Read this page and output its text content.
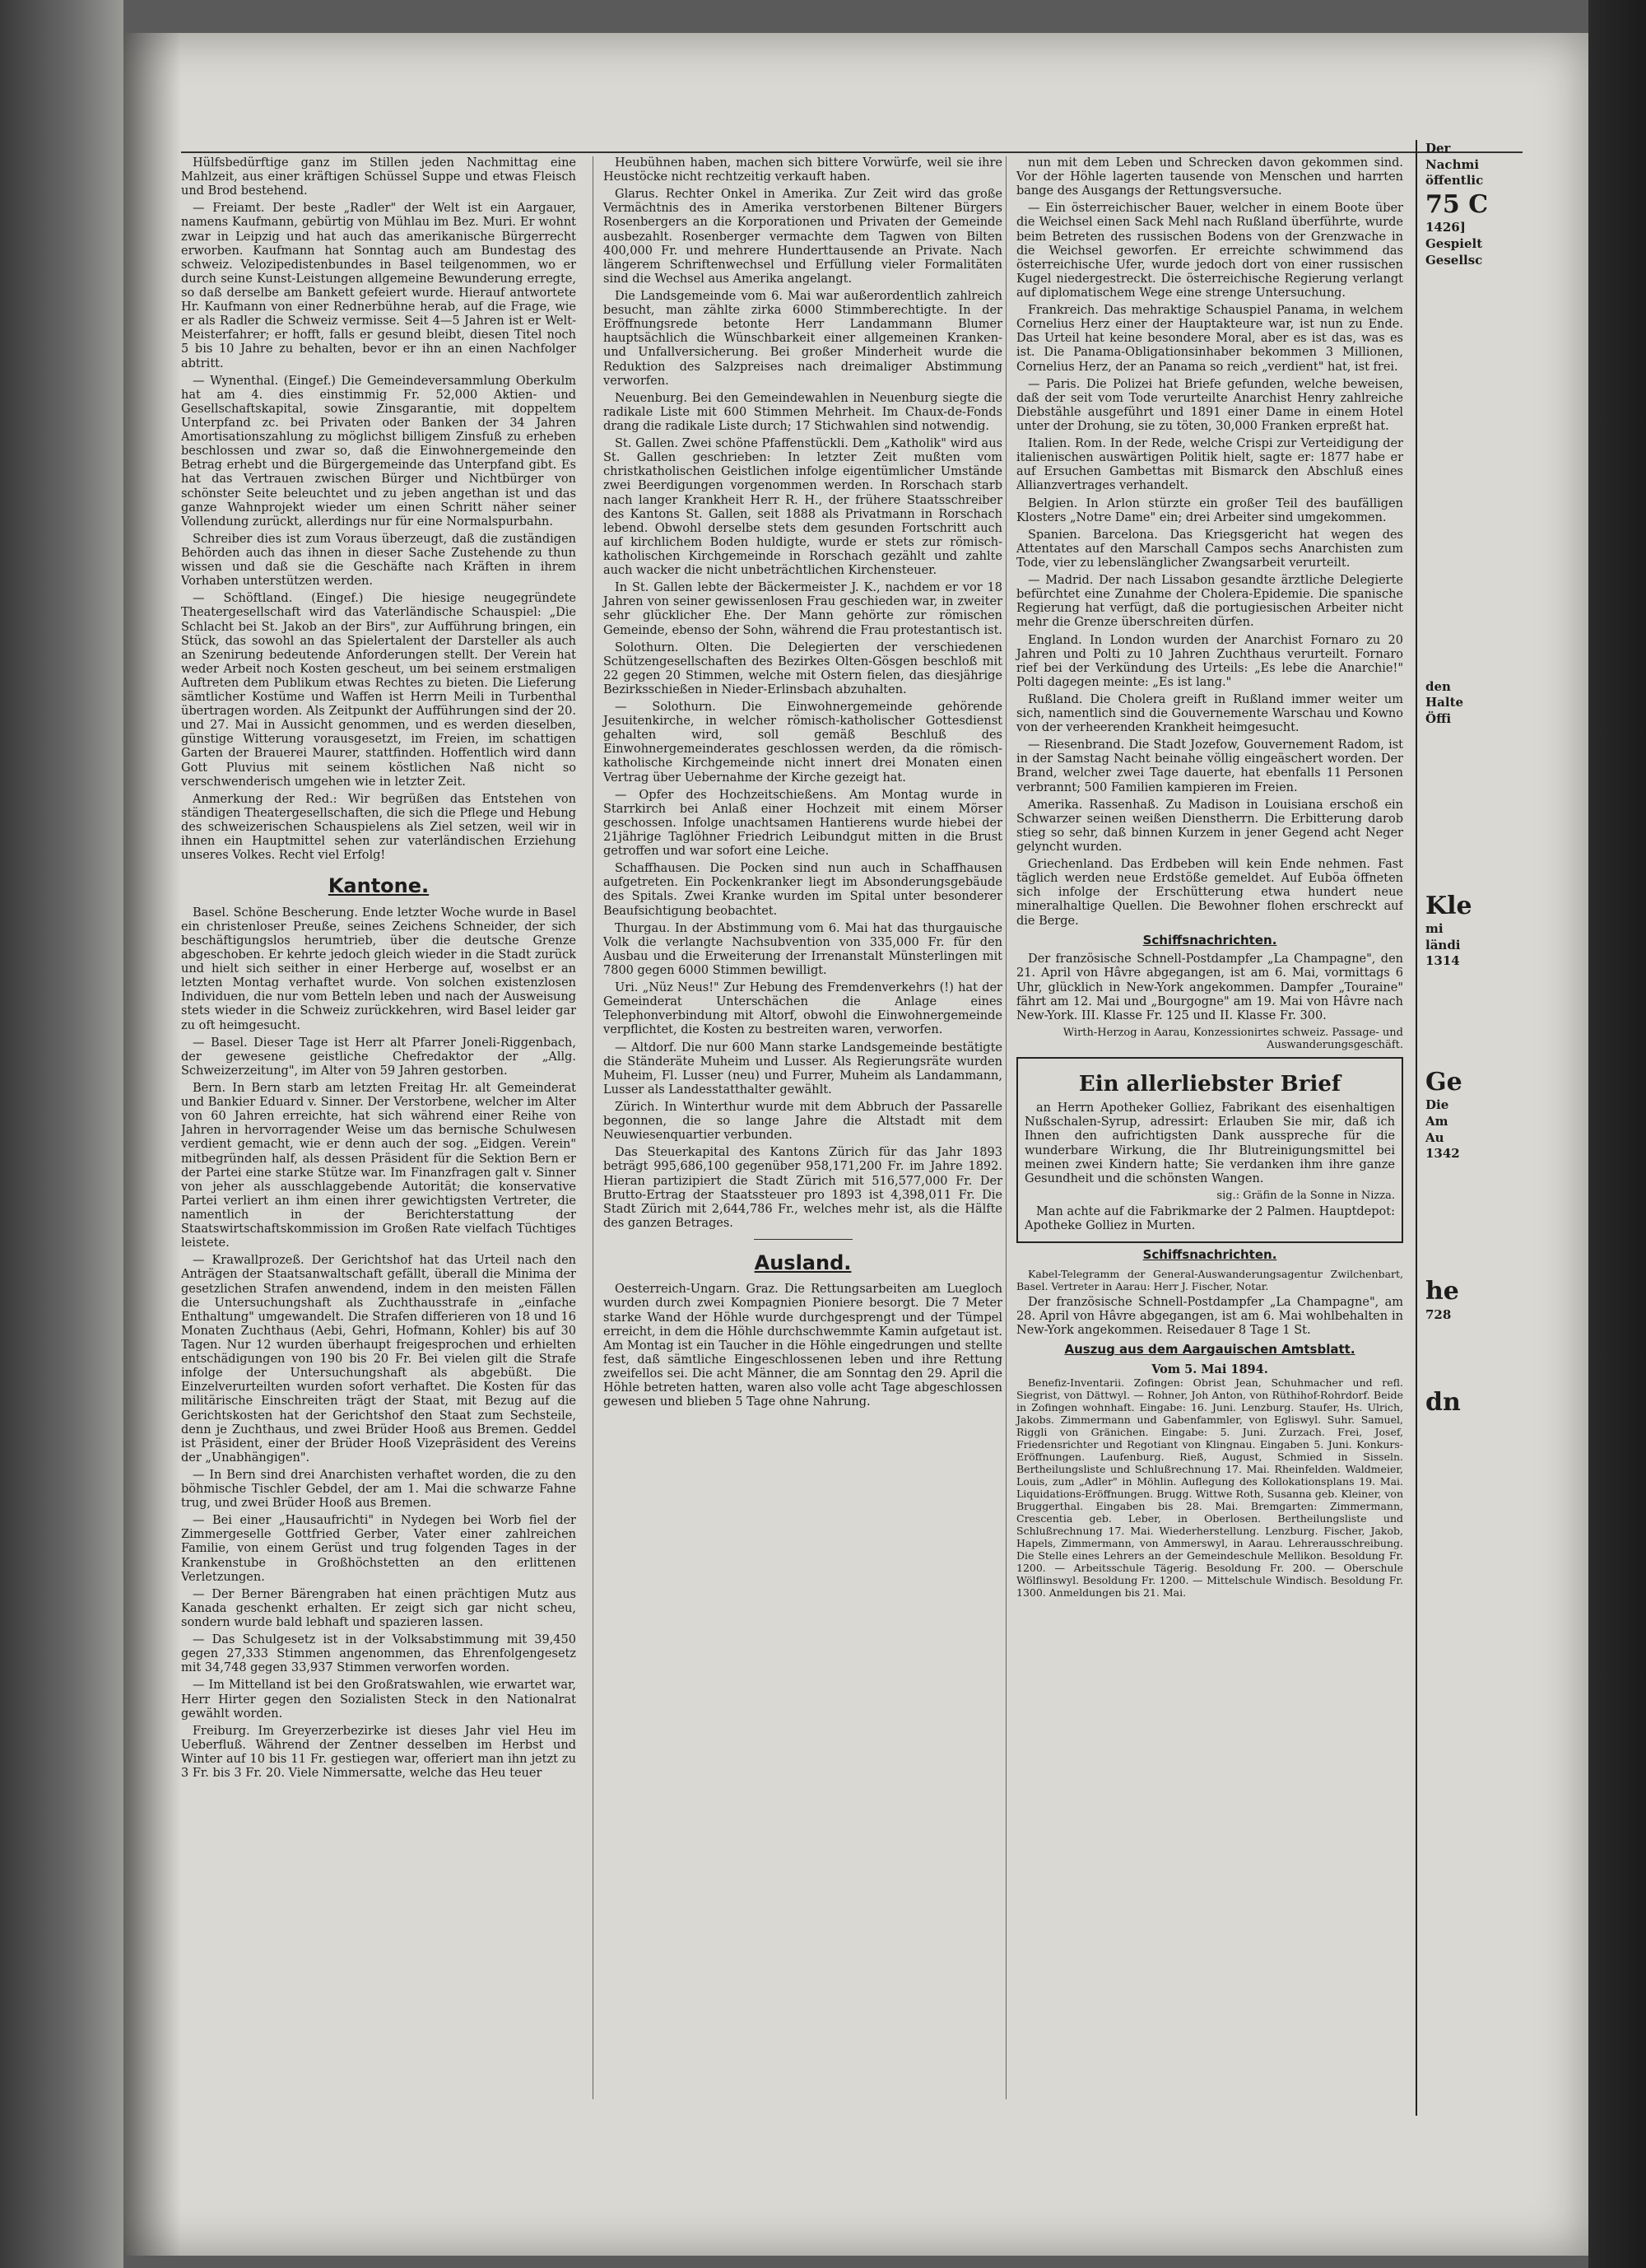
Hülfsbedürftige ganz im Stillen jeden Nachmittag eine Mahlzeit, aus einer kräftigen Schüssel Suppe und etwas Fleisch und Brod bestehend.

— Freiamt. Der beste „Radler" der Welt ist ein Aargauer, namens Kaufmann, gebürtig von Mühlau im Bez. Muri. Er wohnt zwar in Leipzig und hat auch das amerikanische Bürgerrecht erworben. Kaufmann hat Sonntag auch am Bundestag des schweiz. Velozipedistenbundes in Basel teilgenommen, wo er durch seine Kunst-Leistungen allgemeine Bewunderung erregte, so daß derselbe am Bankett gefeiert wurde. Hierauf antwortete Hr. Kaufmann von einer Rednerbühne herab, auf die Frage, wie er als Radler die Schweiz vermisse. Seit 4—5 Jahren ist er Welt-Meisterfahrer; er hofft, falls er gesund bleibt, diesen Titel noch 5 bis 10 Jahre zu behalten, bevor er ihn an einen Nachfolger abtritt.

— Wynenthal. (Eingef.) Die Gemeindeversammlung Oberkulm hat am 4. dies einstimmig Fr. 52,000 Aktien- und Gesellschaftskapital, sowie Zinsgarantie, mit doppeltem Unterpfand zc. bei Privaten oder Banken der 34 Jahren Amortisationszahlung zu möglichst billigem Zinsfuß zu erheben beschlossen und zwar so, daß die Einwohnergemeinde den Betrag erhebt und die Bürgergemeinde das Unterpfand gibt. Es hat das Vertrauen zwischen Bürger und Nichtbürger von schönster Seite beleuchtet und zu jeben angethan ist und das ganze Wahnprojekt wieder um einen Schritt näher seiner Vollendung zurückt, allerdings nur für eine Normalspurbahn.

Schreiber dies ist zum Voraus überzeugt, daß die zuständigen Behörden auch das ihnen in dieser Sache Zustehende zu thun wissen und daß sie die Geschäfte nach Kräften in ihrem Vorhaben unterstützen werden.

— Schöftland. (Eingef.) Die hiesige neugegründete Theatergesellschaft wird das Vaterländische Schauspiel: „Die Schlacht bei St. Jakob an der Birs", zur Aufführung bringen, ein Stück, das sowohl an das Spielertalent der Darsteller als auch an Szenirung bedeutende Anforderungen stellt. Der Verein hat weder Arbeit noch Kosten gescheut, um bei seinem erstmaligen Auftreten dem Publikum etwas Rechtes zu bieten. Die Lieferung sämtlicher Kostüme und Waffen ist Herrn Meili in Turbenthal übertragen worden. Als Zeitpunkt der Aufführungen sind der 20. und 27. Mai in Aussicht genommen, und es werden dieselben, günstige Witterung vorausgesetzt, im Freien, im schattigen Garten der Brauerei Maurer, stattfinden. Hoffentlich wird dann Gott Pluvius mit seinem köstlichen Naß nicht so verschwenderisch umgehen wie in letzter Zeit.

Anmerkung der Red.: Wir begrüßen das Entstehen von ständigen Theatergesellschaften, die sich die Pflege und Hebung des schweizerischen Schauspielens als Ziel setzen, weil wir in ihnen ein Hauptmittel sehen zur vaterländischen Erziehung unseres Volkes. Recht viel Erfolg!

Kantone.

Basel. Schöne Bescherung. Ende letzter Woche wurde in Basel ein christenloser Preuße, seines Zeichens Schneider, der sich beschäftigungslos herumtrieb, über die deutsche Grenze abgeschoben. Er kehrte jedoch gleich wieder in die Stadt zurück und hielt sich seither in einer Herberge auf, woselbst er an letzten Montag verhaftet wurde. Von solchen existenzlosen Individuen, die nur vom Betteln leben und nach der Ausweisung stets wieder in die Schweiz zurückkehren, wird Basel leider gar zu oft heimgesucht.

— Basel. Dieser Tage ist Herr alt Pfarrer Joneli-Riggenbach, der gewesene geistliche Chefredaktor der „Allg. Schweizerzeitung", im Alter von 59 Jahren gestorben.

Bern. In Bern starb am letzten Freitag Hr. alt Gemeinderat und Bankier Eduard v. Sinner. Der Verstorbene, welcher im Alter von 60 Jahren erreichte, hat sich während einer Reihe von Jahren in hervorragender Weise um das bernische Schulwesen verdient gemacht, wie er denn auch der sog. „Eidgen. Verein" mitbegründen half, als dessen Präsident für die Sektion Bern er der Partei eine starke Stütze war. Im Finanzfragen galt v. Sinner von jeher als ausschlaggebende Autorität; die konservative Partei verliert an ihm einen ihrer gewichtigsten Vertreter, die namentlich in der Berichterstattung der Staatswirtschaftskommission im Großen Rate vielfach Tüchtiges leistete.

— Krawallprozeß. Der Gerichtshof hat das Urteil nach den Anträgen der Staatsanwaltschaft gefällt, überall die Minima der gesetzlichen Strafen anwendend, indem in den meisten Fällen die Untersuchungshaft als Zuchthausstrafe in „einfache Enthaltung" umgewandelt. Die Strafen differieren von 18 und 16 Monaten Zuchthaus (Aebi, Gehri, Hofmann, Kohler) bis auf 30 Tagen. Nur 12 wurden überhaupt freigesprochen und erhielten entschädigungen von 190 bis 20 Fr. Bei vielen gilt die Strafe infolge der Untersuchungshaft als abgebüßt. Die Einzelverurteilten wurden sofort verhaftet. Die Kosten für das militärische Einschreiten trägt der Staat, mit Bezug auf die Gerichtskosten hat der Gerichtshof den Staat zum Sechsteile, denn je Zuchthaus, und zwei Brüder Hooß aus Bremen. Geddel ist Präsident, einer der Brüder Hooß Vizepräsident des Vereins der „Unabhängigen".

— In Bern sind drei Anarchisten verhaftet worden, die zu den böhmische Tischler Gebdel, der am 1. Mai die schwarze Fahne trug, und zwei Brüder Hooß aus Bremen.

— Bei einer „Hausaufrichti" in Nydegen bei Worb fiel der Zimmergeselle Gottfried Gerber, Vater einer zahlreichen Familie, von einem Gerüst und trug folgenden Tages in der Krankenstube in Großhöchstetten an den erlittenen Verletzungen.

— Der Berner Bärengraben hat einen prächtigen Mutz aus Kanada geschenkt erhalten. Er zeigt sich gar nicht scheu, sondern wurde bald lebhaft und spazieren lassen.

— Das Schulgesetz ist in der Volksabstimmung mit 39,450 gegen 27,333 Stimmen angenommen, das Ehrenfolgengesetz mit 34,748 gegen 33,937 Stimmen verworfen worden.

— Im Mittelland ist bei den Großratswahlen, wie erwartet war, Herr Hirter gegen den Sozialisten Steck in den Nationalrat gewählt worden.

Freiburg. Im Greyerzerbezirke ist dieses Jahr viel Heu im Ueberfluß. Während der Zentner desselben im Herbst und Winter auf 10 bis 11 Fr. gestiegen war, offeriert man ihn jetzt zu 3 Fr. bis 3 Fr. 20. Viele Nimmersatte, welche das Heu teuer

Heubühnen haben, machen sich bittere Vorwürfe, weil sie ihre Heustöcke nicht rechtzeitig verkauft haben.

Glarus. Rechter Onkel in Amerika. Zur Zeit wird das große Vermächtnis des in Amerika verstorbenen Biltener Bürgers Rosenbergers an die Korporationen und Privaten der Gemeinde ausbezahlt. Rosenberger vermachte dem Tagwen von Bilten 400,000 Fr. und mehrere Hunderttausende an Private. Nach längerem Schriftenwechsel und Erfüllung vieler Formalitäten sind die Wechsel aus Amerika angelangt.

Die Landsgemeinde vom 6. Mai war außerordentlich zahlreich besucht, man zählte zirka 6000 Stimmberechtigte. In der Eröffnungsrede betonte Herr Landammann Blumer hauptsächlich die Wünschbarkeit einer allgemeinen Kranken- und Unfallversicherung. Bei großer Minderheit wurde die Reduktion des Salzpreises nach dreimaliger Abstimmung verworfen.

Neuenburg. Bei den Gemeindewahlen in Neuenburg siegte die radikale Liste mit 600 Stimmen Mehrheit. Im Chaux-de-Fonds drang die radikale Liste durch; 17 Stichwahlen sind notwendig.

St. Gallen. Zwei schöne Pfaffenstückli. Dem „Katholik" wird aus St. Gallen geschrieben: In letzter Zeit mußten vom christkatholischen Geistlichen infolge eigentümlicher Umstände zwei Beerdigungen vorgenommen werden. In Rorschach starb nach langer Krankheit Herr R. H., der frühere Staatsschreiber des Kantons St. Gallen, seit 1888 als Privatmann in Rorschach lebend. Obwohl derselbe stets dem gesunden Fortschritt auch auf kirchlichem Boden huldigte, wurde er stets zur römisch-katholischen Kirchgemeinde in Rorschach gezählt und zahlte auch wacker die nicht unbeträchtlichen Kirchensteuer.

In St. Gallen lebte der Bäckermeister J. K., nachdem er vor 18 Jahren von seiner gewissenlosen Frau geschieden war, in zweiter sehr glücklicher Ehe. Der Mann gehörte zur römischen Gemeinde, ebenso der Sohn, während die Frau protestantisch ist.

Solothurn. Olten. Die Delegierten der verschiedenen Schützengesellschaften des Bezirkes Olten-Gösgen beschloß mit 22 gegen 20 Stimmen, welche mit Ostern fielen, das diesjährige Bezirksschießen in Nieder-Erlinsbach abzuhalten.

— Solothurn. Die Einwohnergemeinde gehörende Jesuitenkirche, in welcher römisch-katholischer Gottesdienst gehalten wird, soll gemäß Beschluß des Einwohnergemeinderates geschlossen werden, da die römisch-katholische Kirchgemeinde nicht innert drei Monaten einen Vertrag über Uebernahme der Kirche gezeigt hat.

— Opfer des Hochzeitschießens. Am Montag wurde in Starrkirch bei Anlaß einer Hochzeit mit einem Mörser geschossen. Infolge unachtsamen Hantierens wurde hiebei der 21jährige Taglöhner Friedrich Leibundgut mitten in die Brust getroffen und war sofort eine Leiche.

Schaffhausen. Die Pocken sind nun auch in Schaffhausen aufgetreten. Ein Pockenkranker liegt im Absonderungsgebäude des Spitals. Zwei Kranke wurden im Spital unter besonderer Beaufsichtigung beobachtet.

Thurgau. In der Abstimmung vom 6. Mai hat das thurgauische Volk die verlangte Nachsubvention von 335,000 Fr. für den Ausbau und die Erweiterung der Irrenanstalt Münsterlingen mit 7800 gegen 6000 Stimmen bewilligt.

Uri. „Nüz Neus!" Zur Hebung des Fremdenverkehrs (!) hat der Gemeinderat Unterschächen die Anlage eines Telephonverbindung mit Altorf, obwohl die Einwohnergemeinde verpflichtet, die Kosten zu bestreiten waren, verworfen.

— Altdorf. Die nur 600 Mann starke Landsgemeinde bestätigte die Ständeräte Muheim und Lusser. Als Regierungsräte wurden Muheim, Fl. Lusser (neu) und Furrer, Muheim als Landammann, Lusser als Landesstatthalter gewählt.

Zürich. In Winterthur wurde mit dem Abbruch der Passarelle begonnen, die so lange Jahre die Altstadt mit dem Neuwiesenquartier verbunden.

Das Steuerkapital des Kantons Zürich für das Jahr 1893 beträgt 995,686,100 gegenüber 958,171,200 Fr. im Jahre 1892. Hieran partizipiert die Stadt Zürich mit 516,577,000 Fr. Der Brutto-Ertrag der Staatssteuer pro 1893 ist 4,398,011 Fr. Die Stadt Zürich mit 2,644,786 Fr., welches mehr ist, als die Hälfte des ganzen Betrages.

Ausland.

Oesterreich-Ungarn. Graz. Die Rettungsarbeiten am Luegloch wurden durch zwei Kompagnien Pioniere besorgt. Die 7 Meter starke Wand der Höhle wurde durchgesprengt und der Tümpel erreicht, in dem die Höhle durchschwemmte Kamin aufgetaut ist. Am Montag ist ein Taucher in die Höhle eingedrungen und stellte fest, daß sämtliche Eingeschlossenen leben und ihre Rettung zweifellos sei. Die acht Männer, die am Sonntag den 29. April die Höhle betreten hatten, waren also volle acht Tage abgeschlossen gewesen und blieben 5 Tage ohne Nahrung.

nun mit dem Leben und Schrecken davon gekommen sind. Vor der Höhle lagerten tausende von Menschen und harrten bange des Ausgangs der Rettungsversuche.

— Ein österreichischer Bauer, welcher in einem Boote über die Weichsel einen Sack Mehl nach Rußland überführte, wurde beim Betreten des russischen Bodens von der Grenzwache in die Weichsel geworfen. Er erreichte schwimmend das österreichische Ufer, wurde jedoch dort von einer russischen Kugel niedergestreckt. Die österreichische Regierung verlangt auf diplomatischem Wege eine strenge Untersuchung.

Frankreich. Das mehraktige Schauspiel Panama, in welchem Cornelius Herz einer der Hauptakteure war, ist nun zu Ende. Das Urteil hat keine besondere Moral, aber es ist das, was es ist. Die Panama-Obligationsinhaber bekommen 3 Millionen, Cornelius Herz, der an Panama so reich „verdient" hat, ist frei.

— Paris. Die Polizei hat Briefe gefunden, welche beweisen, daß der seit vom Tode verurteilte Anarchist Henry zahlreiche Diebstähle ausgeführt und 1891 einer Dame in einem Hotel unter der Drohung, sie zu töten, 30,000 Franken erpreßt hat.

Italien. Rom. In der Rede, welche Crispi zur Verteidigung der italienischen auswärtigen Politik hielt, sagte er: 1877 habe er auf Ersuchen Gambettas mit Bismarck den Abschluß eines Allianzvertrages verhandelt.

Belgien. In Arlon stürzte ein großer Teil des baufälligen Klosters „Notre Dame" ein; drei Arbeiter sind umgekommen.

Spanien. Barcelona. Das Kriegsgericht hat wegen des Attentates auf den Marschall Campos sechs Anarchisten zum Tode, vier zu lebenslänglicher Zwangsarbeit verurteilt.

— Madrid. Der nach Lissabon gesandte ärztliche Delegierte befürchtet eine Zunahme der Cholera-Epidemie. Die spanische Regierung hat verfügt, daß die portugiesischen Arbeiter nicht mehr die Grenze überschreiten dürfen.

England. In London wurden der Anarchist Fornaro zu 20 Jahren und Polti zu 10 Jahren Zuchthaus verurteilt. Fornaro rief bei der Verkündung des Urteils: „Es lebe die Anarchie!" Polti dagegen meinte: „Es ist lang."

Rußland. Die Cholera greift in Rußland immer weiter um sich, namentlich sind die Gouvernemente Warschau und Kowno von der verheerenden Krankheit heimgesucht.

— Riesenbrand. Die Stadt Jozefow, Gouvernement Radom, ist in der Samstag Nacht beinahe völlig eingeäschert worden. Der Brand, welcher zwei Tage dauerte, hat ebenfalls 11 Personen verbrannt; 500 Familien kampieren im Freien.

Amerika. Rassenhaß. Zu Madison in Louisiana erschoß ein Schwarzer seinen weißen Dienstherrn. Die Erbitterung darob stieg so sehr, daß binnen Kurzem in jener Gegend acht Neger gelyncht wurden.

Griechenland. Das Erdbeben will kein Ende nehmen. Fast täglich werden neue Erdstöße gemeldet. Auf Euböa öffneten sich infolge der Erschütterung etwa hundert neue mineralhaltige Quellen. Die Bewohner flohen erschreckt auf die Berge.

Schiffsnachrichten.

Der französische Schnell-Postdampfer „La Champagne", den 21. April von Hâvre abgegangen, ist am 6. Mai, vormittags 6 Uhr, glücklich in New-York angekommen. Dampfer „Touraine" fährt am 12. Mai und „Bourgogne" am 19. Mai von Hâvre nach New-York. III. Klasse Fr. 125 und II. Klasse Fr. 300.

Wirth-Herzog in Aarau, Konzessionirtes schweiz. Passage- und Auswanderungsgeschäft.

Ein allerliebster Brief

an Herrn Apotheker Golliez, Fabrikant des eisenhaltigen Nußschalen-Syrup, adressirt: Erlauben Sie mir, daß ich Ihnen den aufrichtigsten Dank ausspreche für die wunderbare Wirkung, die Ihr Blutreinigungsmittel bei meinen zwei Kindern hatte; Sie verdanken ihm ihre ganze Gesundheit und die schönsten Wangen.

sig.: Gräfin de la Sonne in Nizza.

Man achte auf die Fabrikmarke der 2 Palmen. Hauptdepot: Apotheke Golliez in Murten.

Schiffsnachrichten.

Kabel-Telegramm der General-Auswanderungsagentur Zwilchenbart, Basel. Vertreter in Aarau: Herr J. Fischer, Notar.

Der französische Schnell-Postdampfer „La Champagne", am 28. April von Hâvre abgegangen, ist am 6. Mai wohlbehalten in New-York angekommen. Reisedauer 8 Tage 1 St.

Auszug aus dem Aargauischen Amtsblatt.
Vom 5. Mai 1894.

Benefiz-Inventarii. Zofingen: Obrist Jean, Schuhmacher und refl. Siegrist, von Dättwyl. — Rohner, Joh Anton, von Rüthihof-Rohrdorf. Beide in Zofingen wohnhaft. Eingabe: 16. Juni. Lenzburg. Staufer, Hs. Ulrich, Jakobs. Zimmermann und Gabenfammler, von Egliswyl. Suhr. Samuel, Riggli von Gränichen. Eingabe: 5. Juni. Zurzach. Frei, Josef, Friedensrichter und Regotiant von Klingnau. Eingaben 5. Juni. Konkurs-Eröffnungen. Laufenburg. Rieß, August, Schmied in Sisseln. Bertheilungsliste und Schlußrechnung 17. Mai. Rheinfelden. Waldmeier, Louis, zum „Adler" in Möhlin. Auflegung des Kollokationsplans 19. Mai. Liquidations-Eröffnungen. Brugg. Wittwe Roth, Susanna geb. Kleiner, von Bruggerthal. Eingaben bis 28. Mai. Bremgarten: Zimmermann, Crescentia geb. Leber, in Oberlosen. Bertheilungsliste und Schlußrechnung 17. Mai. Wiederherstellung. Lenzburg. Fischer, Jakob, Hapels, Zimmermann, von Ammerswyl, in Aarau. Lehrerausschreibung. Die Stelle eines Lehrers an der Gemeindeschule Mellikon. Besoldung Fr. 1200. — Arbeitsschule Tägerig. Besoldung Fr. 200. — Oberschule Wölflinswyl. Besoldung Fr. 1200. — Mittelschule Windisch. Besoldung Fr. 1300. Anmeldungen bis 21. Mai.

Der
Nachmi
öffentlic
75 C
1426]
Gespielt
Gesellsc
den
Halte
Öffi
Kle
mi
ländi
1314
Ge
Die
Am
Au
1342
he
728
dn
